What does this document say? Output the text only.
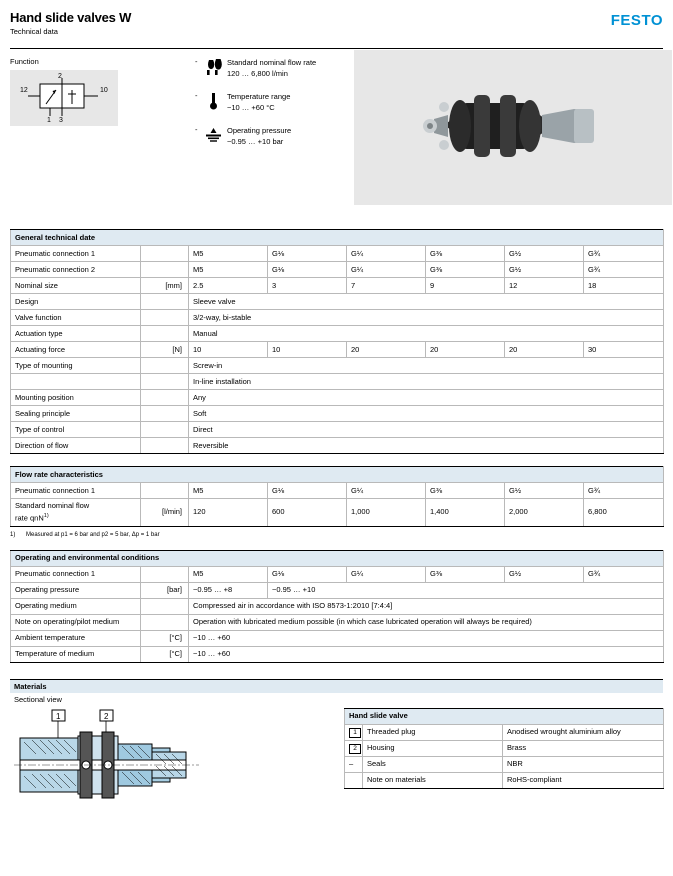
Hand slide valves W
Technical data
FESTO
Function
12
2
10
1 3
-	Standard nominal flow rate
120 … 6,800 l/min
-	Temperature range
−10 … +60 °C
-	Operating pressure
−0.95 … +10 bar
General technical date							
Pneumatic connection 1		M5	G⅛	G¼	G⅜	G½	G¾
Pneumatic connection 2		M5	G⅛	G¼	G⅜	G½	G¾
Nominal size	[mm]	2.5	3	7	9	12	18
Design		Sleeve valve					
Valve function		3/2-way, bi-stable					
Actuation type		Manual					
Actuating force	[N]	10	10	20	20	20	30
Type of mounting		Screw-in					
		In-line installation					
Mounting position		Any					
Sealing principle		Soft					
Type of control		Direct					
Direction of flow		Reversible					
Flow rate characteristics							
Pneumatic connection 1		M5	G⅛	G¼	G⅜	G½	G¾
Standard nominal flow
rate qnN$^{1)}$	[l/min]	120	600	1,000	1,400	2,000	6,800
1)	Measured at p1 = 6 bar and p2 = 5 bar, Δp = 1 bar
Operating and environmental conditions							
Pneumatic connection 1		M5	G⅛	G¼	G⅜	G½	G¾
Operating pressure	[bar]	−0.95 … +8	−0.95 … +10				
Operating medium		Compressed air in accordance with ISO 8573-1:2010 [7:4:4]					
Note on operating/pilot medium		Operation with lubricated medium possible (in which case lubricated operation will always be required)					
Ambient temperature	[°C]	−10 … +60					
Temperature of medium	[°C]	−10 … +60					
Materials
Sectional view
1	2	Hand slide valve		
1	Threaded plug	Anodised wrought aluminium alloy
2	Housing	Brass
–	Seals	NBR
	Note on materials	RoHS-compliant
